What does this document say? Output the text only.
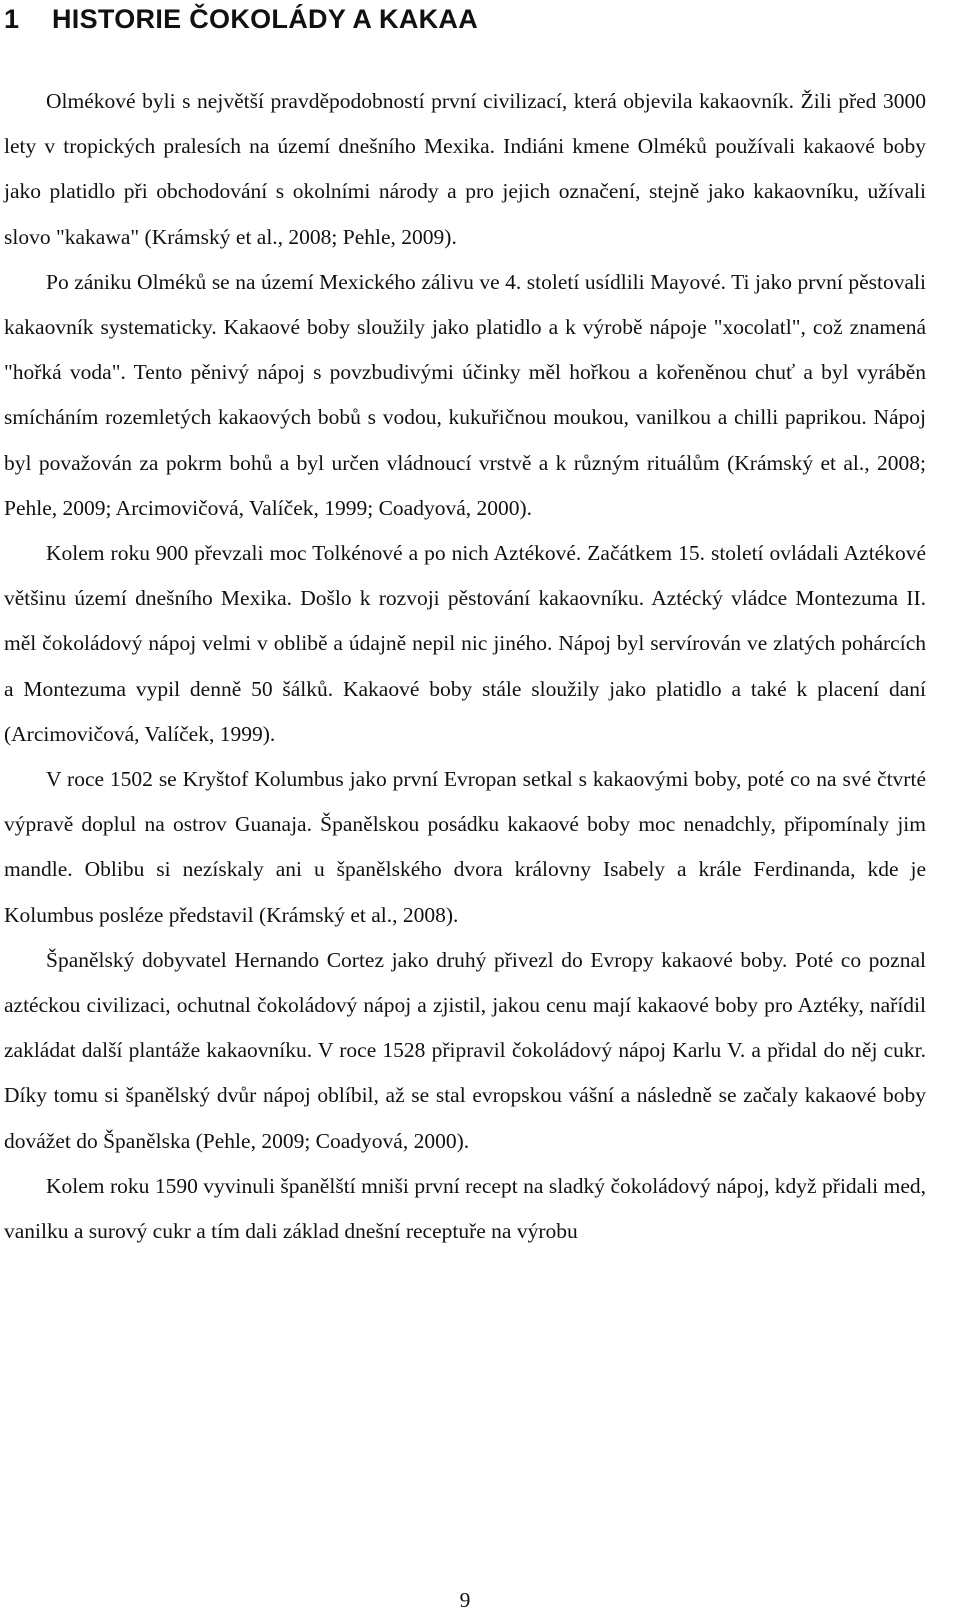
1 HISTORIE ČOKOLÁDY A KAKAA

Olmékové byli s největší pravděpodobností první civilizací, která objevila kakaovník. Žili před 3000 lety v tropických pralesích na území dnešního Mexika. Indiáni kmene Olméků používali kakaové boby jako platidlo při obchodování s okolními národy a pro jejich označení, stejně jako kakaovníku, užívali slovo "kakawa" (Krámský et al., 2008; Pehle, 2009).

Po zániku Olméků se na území Mexického zálivu ve 4. století usídlili Mayové. Ti jako první pěstovali kakaovník systematicky. Kakaové boby sloužily jako platidlo a k výrobě nápoje "xocolatl", což znamená "hořká voda". Tento pěnivý nápoj s povzbudivými účinky měl hořkou a kořeněnou chuť a byl vyráběn smícháním rozemletých kakaových bobů s vodou, kukuřičnou moukou, vanilkou a chilli paprikou. Nápoj byl považován za pokrm bohů a byl určen vládnoucí vrstvě a k různým rituálům (Krámský et al., 2008; Pehle, 2009; Arcimovičová, Valíček, 1999; Coadyová, 2000).

Kolem roku 900 převzali moc Tolkénové a po nich Aztékové. Začátkem 15. století ovládali Aztékové většinu území dnešního Mexika. Došlo k rozvoji pěstování kakaovníku. Aztécký vládce Montezuma II. měl čokoládový nápoj velmi v oblibě a údajně nepil nic jiného. Nápoj byl servírován ve zlatých pohárcích a Montezuma vypil denně 50 šálků. Kakaové boby stále sloužily jako platidlo a také k placení daní (Arcimovičová, Valíček, 1999).

V roce 1502 se Kryštof Kolumbus jako první Evropan setkal s kakaovými boby, poté co na své čtvrté výpravě doplul na ostrov Guanaja. Španělskou posádku kakaové boby moc nenadchly, připomínaly jim mandle. Oblibu si nezískaly ani u španělského dvora královny Isabely a krále Ferdinanda, kde je Kolumbus posléze představil (Krámský et al., 2008).

Španělský dobyvatel Hernando Cortez jako druhý přivezl do Evropy kakaové boby. Poté co poznal aztéckou civilizaci, ochutnal čokoládový nápoj a zjistil, jakou cenu mají kakaové boby pro Aztéky, nařídil zakládat další plantáže kakaovníku. V roce 1528 připravil čokoládový nápoj Karlu V. a přidal do něj cukr. Díky tomu si španělský dvůr nápoj oblíbil, až se stal evropskou vášní a následně se začaly kakaové boby dovážet do Španělska (Pehle, 2009; Coadyová, 2000).

Kolem roku 1590 vyvinuli španělští mniši první recept na sladký čokoládový nápoj, když přidali med, vanilku a surový cukr a tím dali základ dnešní receptuře na výrobu

9
